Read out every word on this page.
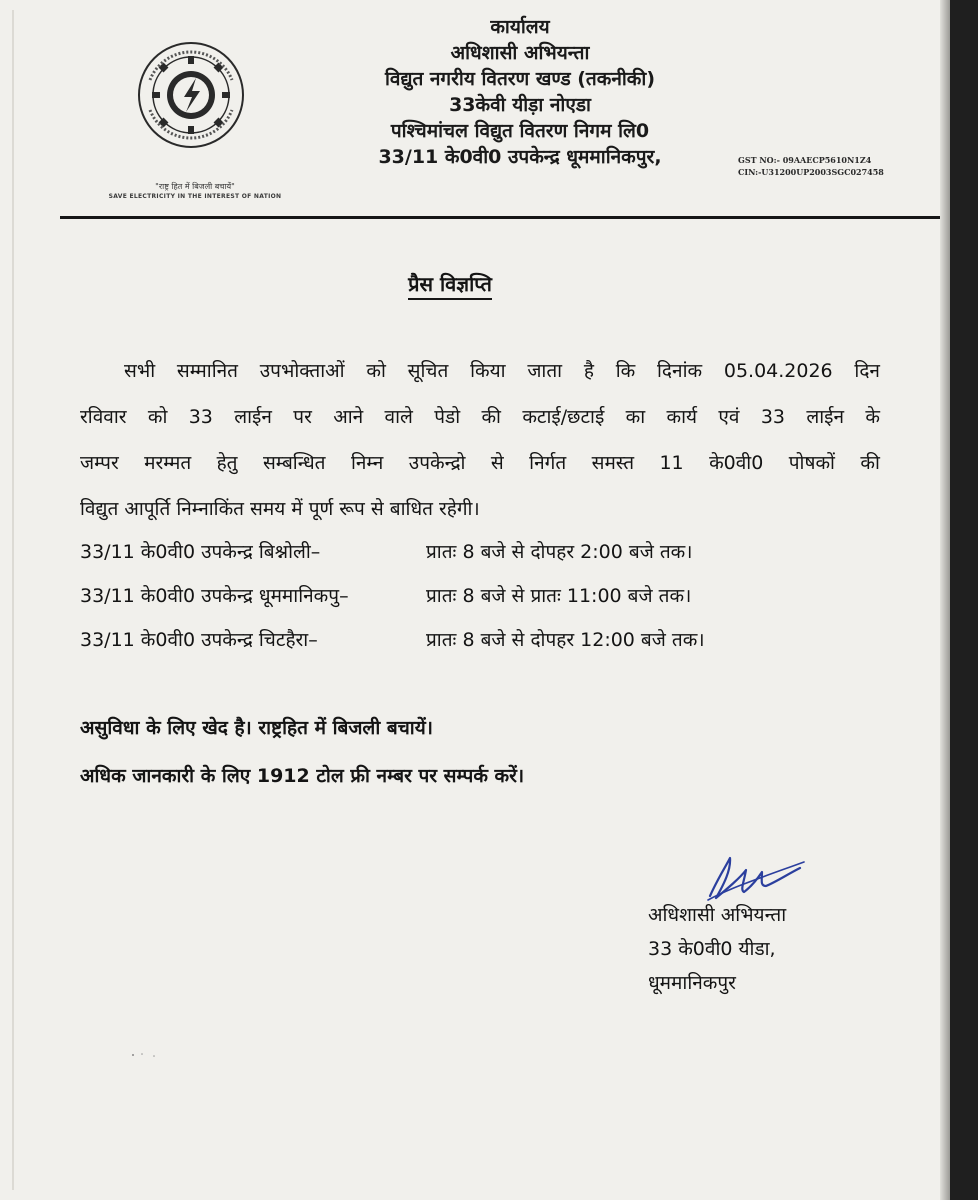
"राष्ट्र हित में बिजली बचायें"
SAVE ELECTRICITY IN THE INTEREST OF NATION
कार्यालय
अधिशासी अभियन्ता
विद्युत नगरीय वितरण खण्ड (तकनीकी)
33केवी यीड़ा नोएडा
पश्चिमांचल विद्युत वितरण निगम लि0
33/11 के0वी0 उपकेन्द्र धूममानिकपुर,	GST NO:- 09AAECP5610N1Z4
CIN:-U31200UP2003SGC027458
प्रैस विज्ञप्ति
सभी सम्मानित उपभोक्ताओं को सूचित किया जाता है कि दिनांक 05.04.2026 दिन
रविवार को 33 लाईन पर आने वाले पेडो की कटाई/छटाई का कार्य एवं 33 लाईन के
जम्पर मरम्मत हेतु सम्बन्धित निम्न उपकेन्द्रो से निर्गत समस्त 11 के0वी0 पोषकों की
विद्युत आपूर्ति निम्नाकिंत समय में पूर्ण रूप से बाधित रहेगी।
33/11 के0वी0 उपकेन्द्र बिश्नोली–	प्रातः 8 बजे से दोपहर 2:00 बजे तक।
33/11 के0वी0 उपकेन्द्र धूममानिकपु–	प्रातः 8 बजे से प्रातः 11:00 बजे तक।
33/11 के0वी0 उपकेन्द्र चिटहैरा–	प्रातः 8 बजे से दोपहर 12:00 बजे तक।
असुविधा के लिए खेद है। राष्ट्रहित में बिजली बचायें।
अधिक जानकारी के लिए 1912 टोल फ्री नम्बर पर सम्पर्क करें।
अधिशासी अभियन्ता
33 के0वी0 यीडा,
धूममानिकपुर
